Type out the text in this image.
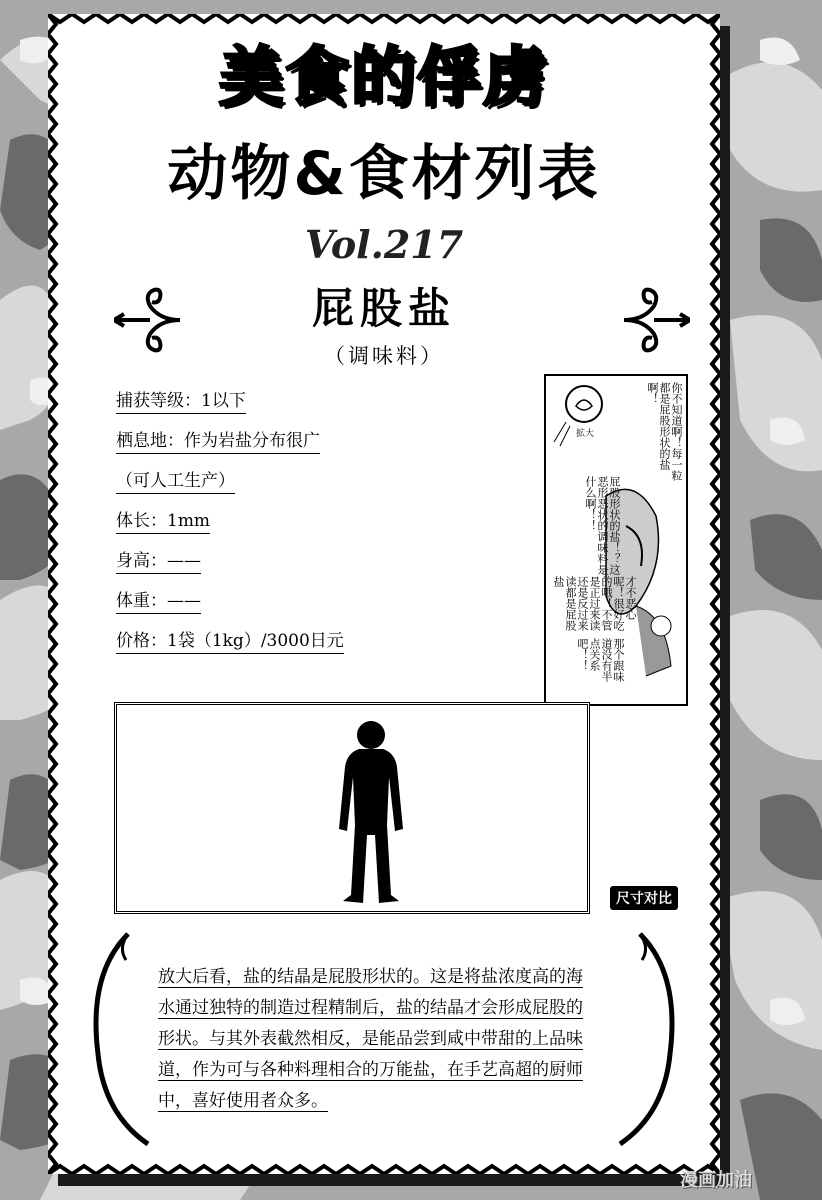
美食的俘虏
动物&食材列表
Vol.217
屁股盐
（调味料）
捕获等级：1以下
栖息地：作为岩盐分布很广
（可人工生产）
体长：1mm
身高：——
体重：——
价格：1袋（1kg）/3000日元
拡大	你不知道啊！每一粒都是屁股形状的盐啊！
屁股形状的盐！？这恶形恶状的调味料是什么啊！！
才不恶心呢！很好吃的哦！不管是正过来读还是反过来读都是屁股盐
那个跟味道没有半点关系吧！！
尺寸对比
放大后看，盐的结晶是屁股形状的。这是将盐浓度高的海
水通过独特的制造过程精制后，盐的结晶才会形成屁股的
形状。与其外表截然相反，是能品尝到咸中带甜的上品味
道，作为可与各种料理相合的万能盐，在手艺高超的厨师
中，喜好使用者众多。
漫画加油
